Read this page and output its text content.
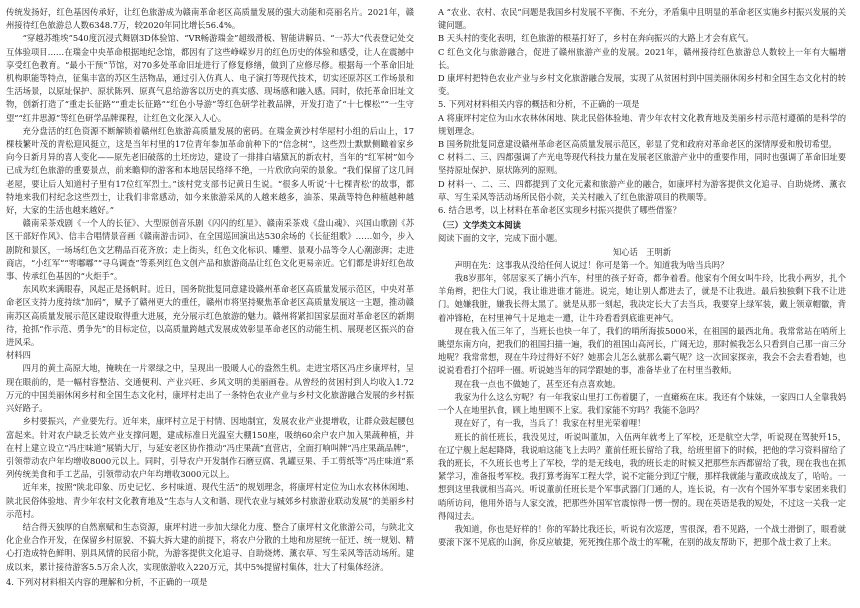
传统发扬好，红色基因传承好，让红色旅游成为赣南革命老区高质量发展的强大动能和亮丽名片。2021年，赣州接待红色旅游总人数6348.7万，较2020年同比增长56.4%。

“穿越苏维埃”540度沉浸式舞剧3D体验馆、“VR畅游瑞金”超级滑板、智能讲解员、“一苏大”代表登记处交互体验项目……在瑞金中央革命根据地纪念馆，都因有了这些峥嵘岁月的红色历史的体验和感受，让人在震撼中享受红色教育。“最小干预”节馆，对70多处革命旧址进行了修复修缮，做到了应修尽修。根据每一个革命旧址机构职能等特点，征集丰富的苏区生活物品，通过引入仿真人、电子演打等现代技术，切实还原苏区工作场景和生活场景，以原址保护、原状陈列、原真气息给游客以历史的真实感、现场感和融入感。同时，依托革命旧址文物，创新打造了“重走长征路”“重走长征路”“红色小导游”等红色研学社教品牌，开发打造了“十七棵松”“一生守望”“红井思源”等红色研学品牌课程，让红色文化深入人心。

充分盘活的红色资源不断解锁着赣州红色旅游高质量发展的密码。在瑞金黄沙村华屋村小组的后山上，17棵枝繁叶茂的青松迎风挺立，这是当年村里的17位青年参加革命前种下的“信念树”，这些烈士默默侧瞰着家乡向今日新月异的喜人变化——原先老旧破落的土坯房边，建设了一排排白墙黛瓦的新农村，当年的“红军树”如今已成为红色旅游的重要景点，前来瞻仰的游客和本地居民络绎不绝，一片欣欣向荣的景象。“我们保留了这几间老屋，要让后人知道村子里有17位红军烈士。”该村党支部书记黄日生说。“很多人听说‘十七棵青松’的故事，都特地来我们村纪念这些烈士，让我们非常感动，如今来旅游采风的人越来越多，油茶、果蔬等特色种植越种越好，大家的生活也越来越好。”

赣南采茶戏剧《一个人的长征》、大型原创音乐剧《闪闪的红星》、赣南采茶戏《盘山魂》、兴国山歌剧《苏区干部好作风》、信丰合唱情景音画《赣南游击词》、在全国巡回演出达530余场的《长征组歌》……如今，步入剧院和景区，一场场红色文艺精品百花齐放；走上街头，红色文化标识、雕塑、景观小品等令人心潮澎湃；走进商店，“小红军”“雩嘟嘟”“寻乌调查”等系列红色文创产品和旅游商品让红色文化更易亲近。它们都是讲好红色故事、传承红色基因的“火炬手”。

东风吹来满眼春，风起正是扬帆时。近日，国务院批复同意建设赣州革命老区高质量发展示范区，中央对革命老区支持力度持续“加码”，赋予了赣州更大的重任，赣州市将坚持聚焦革命老区高质量发展这一主题，推动赣南苏区高质量发展示范区建设取得重大进展，充分展示红色旅游的魅力。赣州将紧扣国家层面对革命老区的新期待，抢抓“作示范、勇争先”的目标定位，以高质量跨越式发展成效彰显革命老区的动能生机、展现老区振兴的奋进风采。

材料四

四月的黄土高原大地，掩映在一片翠绿之中，呈现出一股暖人心的盎然生机。走进宝塔区冯庄乡康坪村，呈现在眼前的，是一幅村容整洁、交通便利、产业兴旺、乡风文明的美丽画卷。从曾经的贫困村到人均收入1.72万元的中国美丽休闲乡村和全国生态文化村，康坪村走出了一条特色农业产业与乡村文化旅游融合发展的乡村振兴好路子。

乡村要振兴，产业要先行。近年来，康坪村立足于村情、因地制宜，发展农业产业提增收，让群众鼓起腰包富起来。针对农户缺乏长效产业支撑问题，建成标准日光温室大棚150座，吸纳60余户农户加入果蔬种植，并在村上建立设立“冯庄味道”展销大厅，与延安老区协作推动“冯庄果蔬”直营店，全面打响叫牌“冯庄果蔬品牌”，引领带动农户年均增收8000元以上。同时，引导农户开发制作石磨豆腐、乳罐豆果、手工剪纸等“冯庄味道”系列传统美食和手工艺品，引领带动农户年均增收3000元以上。

近年来，按照“陕北印象、历史记忆、乡村味道、现代生活”的规划理念，将康坪村定位为山水农林休闲地、陕北民俗体验地、青少年农村文化教育地及“生态与人文和谐、现代农业与城郊乡村旅游业联动发展”的美丽乡村示范村。

结合得天独厚的自然禀赋和生态资源，康坪村进一步加大绿化力度、整合了康坪村文化旅游公司，与陕北文化企业合作开发，在保留乡村原貌、不搞大拆大建的前提下，将农户分散的土地和房屋统一征迁、统一规划、精心打造成特色鲜明、别具风情的民宿小院，为游客提供文化追寻、自助烧烤、薰衣草、写生采风等活动场所。建成以来，累计接待游客5.5万余人次，实现旅游收入220万元，其中5%提留村集体，壮大了村集体经济。

4. 下列对材料相关内容的理解和分析，不正确的一项是

A “农业、农村、农民”问题是我国乡村发展不平衡、不充分，矛盾集中且明显的革命老区实施乡村振兴发展的关键问题。

B 天头村的变化表明，红色旅游的根基打好了，乡村在奔向振兴的大路上才会有底气。

C 红色文化与旅游融合，促进了赣州旅游产业的发展。2021年，赣州接待红色旅游总人数较上一年有大幅增长。

D 康坪村把特色农业产业与乡村文化旅游融合发展，实现了从贫困村到中国美丽休闲乡村和全国生态文化村的转变。

5. 下列对材料相关内容的概括和分析，不正确的一项是

A 将康坪村定位为山水农林休闲地、陕北民俗体验地、青少年农村文化教育地及美丽乡村示范村遵循的是科学的规划理念。

B 国务院批复同意建设赣州革命老区高质量发展示范区，彰显了党和政府对革命老区的深情厚爱和殷切希望。

C 材料二、三、四都强调了产光电等现代科技力量在发展老区旅游产业中的重要作用，同时也强调了革命旧址要坚持原址保护、原状陈列的原则。

D 材料一、二、三、四都提到了文化元素和旅游产业的融合，如康坪村为游客提供文化追寻、自助烧烤、薰衣草、写生采风等活动场所民俗小院，关关村融入了红色旅游项目的秩顺等。

6. 结合思考，以上材料在革命老区实现乡村振兴提供了哪些借鉴？

（三）文学类文本阅读

阅读下面的文字，完成下面小题。

知心话　王明新

声明在先：这事我从没给任何人说过！你可是第一个。知道我为啥当兵吗？

我8岁那年，邻居家买了辆小汽车，村里的孩子好奇，都争着看。他家有个闺女叫牛玲，比我小两岁，扎个羊角辫，把住大门说，我让谁进谁才能进。说完，她让别人都进去了，就是不让我进。最后独独剩下我不让进门。她嫌我脏，嫌我长得太黑了。就是从那一刻起，我决定长大了去当兵，我要穿上绿军装，戴上领章帽徽，背着冲锋枪，在村里神气十足地走一遭，让牛玲看看到底谁更神气。

现在我入伍三年了，当班长也快一年了，我们的哨所海拔5000米，在祖国的最西北角。我常常站在哨所上眺望东南方向，把我们的祖国扫描一遍，我们的祖国山高河长，广阔无边，那时候我怎么只看到自己那一亩三分地呢？我常常想，现在牛玲过得好不好？她那会儿怎么就那么霸气呢？这一次回家探亲，我会不会去看看她，也说说看看打个招呼一圈。听说她当年的同学跟她的事，准备毕业了在村里当教师。

现在我一点也不做她了，甚至还有点喜欢她。

我家为什么这么穷呢？有一年我家山里打工伤着腿了，一直瘫痪在床。我还有个妹妹，一家四口人全靠我妈一个人在地里扒食，顾上地里顾不上家。我们家能不穷吗？我能不急吗？

现在好了，有一我，当兵了！我家在村里光荣着哩！

班长的前任班长，我没见过，听说叫董加，入伍两年就考上了军校，还是航空大学，听说现在驾驶歼15，在辽宁舰上起起降降，我说咱这能飞上去吗？董前任班长留给了我，给班里留下的时候，把他的学习资料留给了我的班长，不久班长也考上了军校，学的是无线电，我的班长走的时候又把那些东西都留给了我，现在我也在抓紧学习，准备报考军校。我打算考海军工程大学，说不定能分到辽宁舰，那样我就能与董政成战友了，哈哈。一想到这里我就相当高兴。听说董前任班长是个军事武器门门通的人，连长说，有一次有个国外军事专家团来我们哨所访问，他用外语与人家交流，把那些外国军官震惊得一愣一愣的。现在英语是我的短处，不过这一关我一定得闯过去。

我知道，你也是好样的！你的军龄比我还长，听说有次巡逻，雪很深，看不见路，一个战士滑倒了，眼看就要滚下深不见底的山涧，你反应敏捷，死死拽住那个战士的军靴，在别的战友帮助下，把那个战士救了上来。
